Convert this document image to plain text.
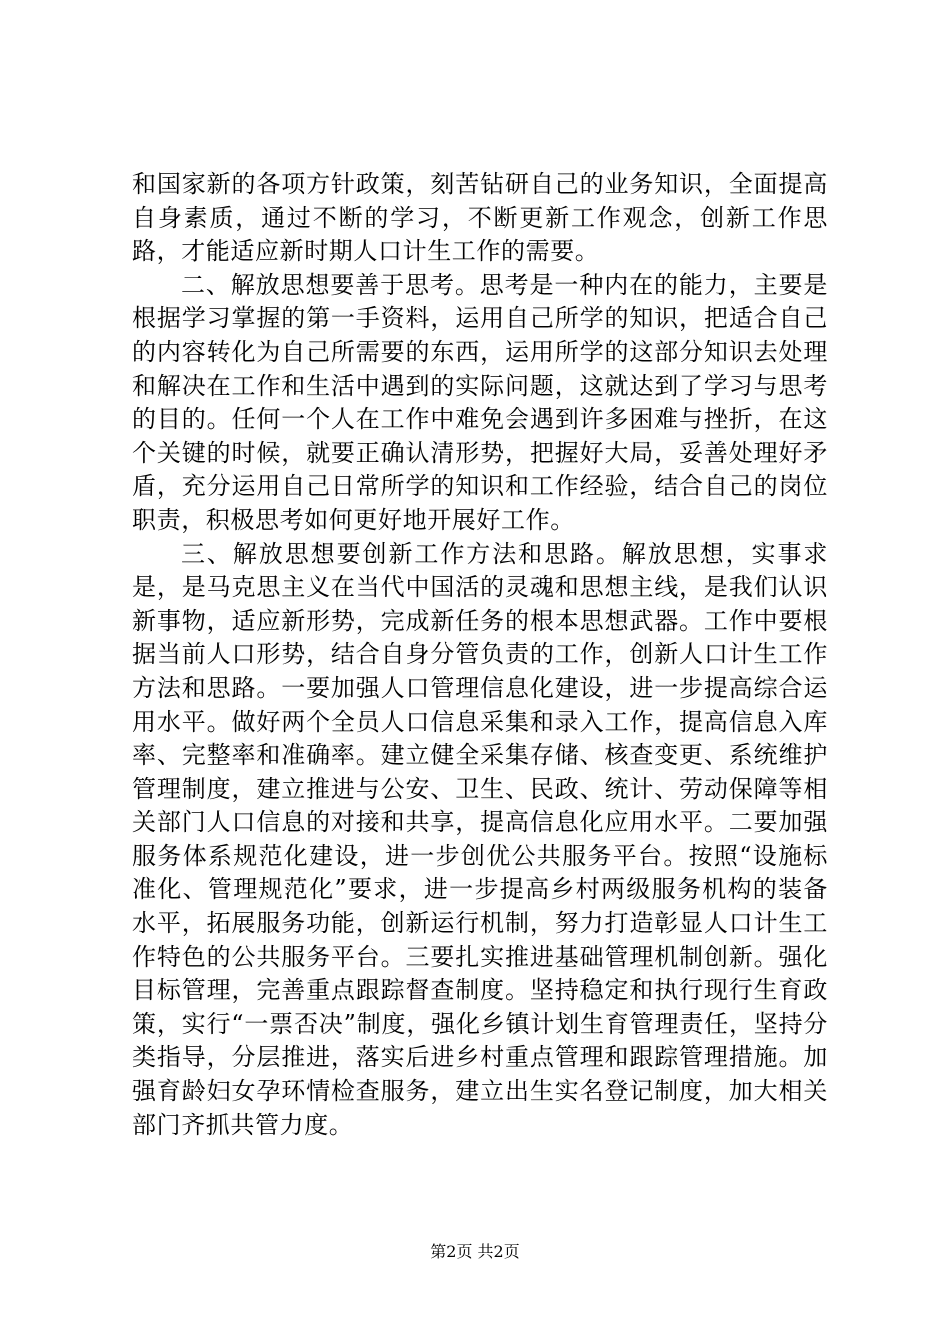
和国家新的各项方针政策，刻苦钻研自己的业务知识，全面提高自身素质，通过不断的学习，不断更新工作观念，创新工作思路，才能适应新时期人口计生工作的需要。

二、解放思想要善于思考。思考是一种内在的能力，主要是根据学习掌握的第一手资料，运用自己所学的知识，把适合自己的内容转化为自己所需要的东西，运用所学的这部分知识去处理和解决在工作和生活中遇到的实际问题，这就达到了学习与思考的目的。任何一个人在工作中难免会遇到许多困难与挫折，在这个关键的时候，就要正确认清形势，把握好大局，妥善处理好矛盾，充分运用自己日常所学的知识和工作经验，结合自己的岗位职责，积极思考如何更好地开展好工作。

三、解放思想要创新工作方法和思路。解放思想，实事求是，是马克思主义在当代中国活的灵魂和思想主线，是我们认识新事物，适应新形势，完成新任务的根本思想武器。工作中要根据当前人口形势，结合自身分管负责的工作，创新人口计生工作方法和思路。一要加强人口管理信息化建设，进一步提高综合运用水平。做好两个全员人口信息采集和录入工作，提高信息入库率、完整率和准确率。建立健全采集存储、核查变更、系统维护管理制度，建立推进与公安、卫生、民政、统计、劳动保障等相关部门人口信息的对接和共享，提高信息化应用水平。二要加强服务体系规范化建设，进一步创优公共服务平台。按照“设施标准化、管理规范化”要求，进一步提高乡村两级服务机构的装备水平，拓展服务功能，创新运行机制，努力打造彰显人口计生工作特色的公共服务平台。三要扎实推进基础管理机制创新。强化目标管理，完善重点跟踪督查制度。坚持稳定和执行现行生育政策，实行“一票否决”制度，强化乡镇计划生育管理责任，坚持分类指导，分层推进，落实后进乡村重点管理和跟踪管理措施。加强育龄妇女孕环情检查服务，建立出生实名登记制度，加大相关部门齐抓共管力度。

第2页 共2页
